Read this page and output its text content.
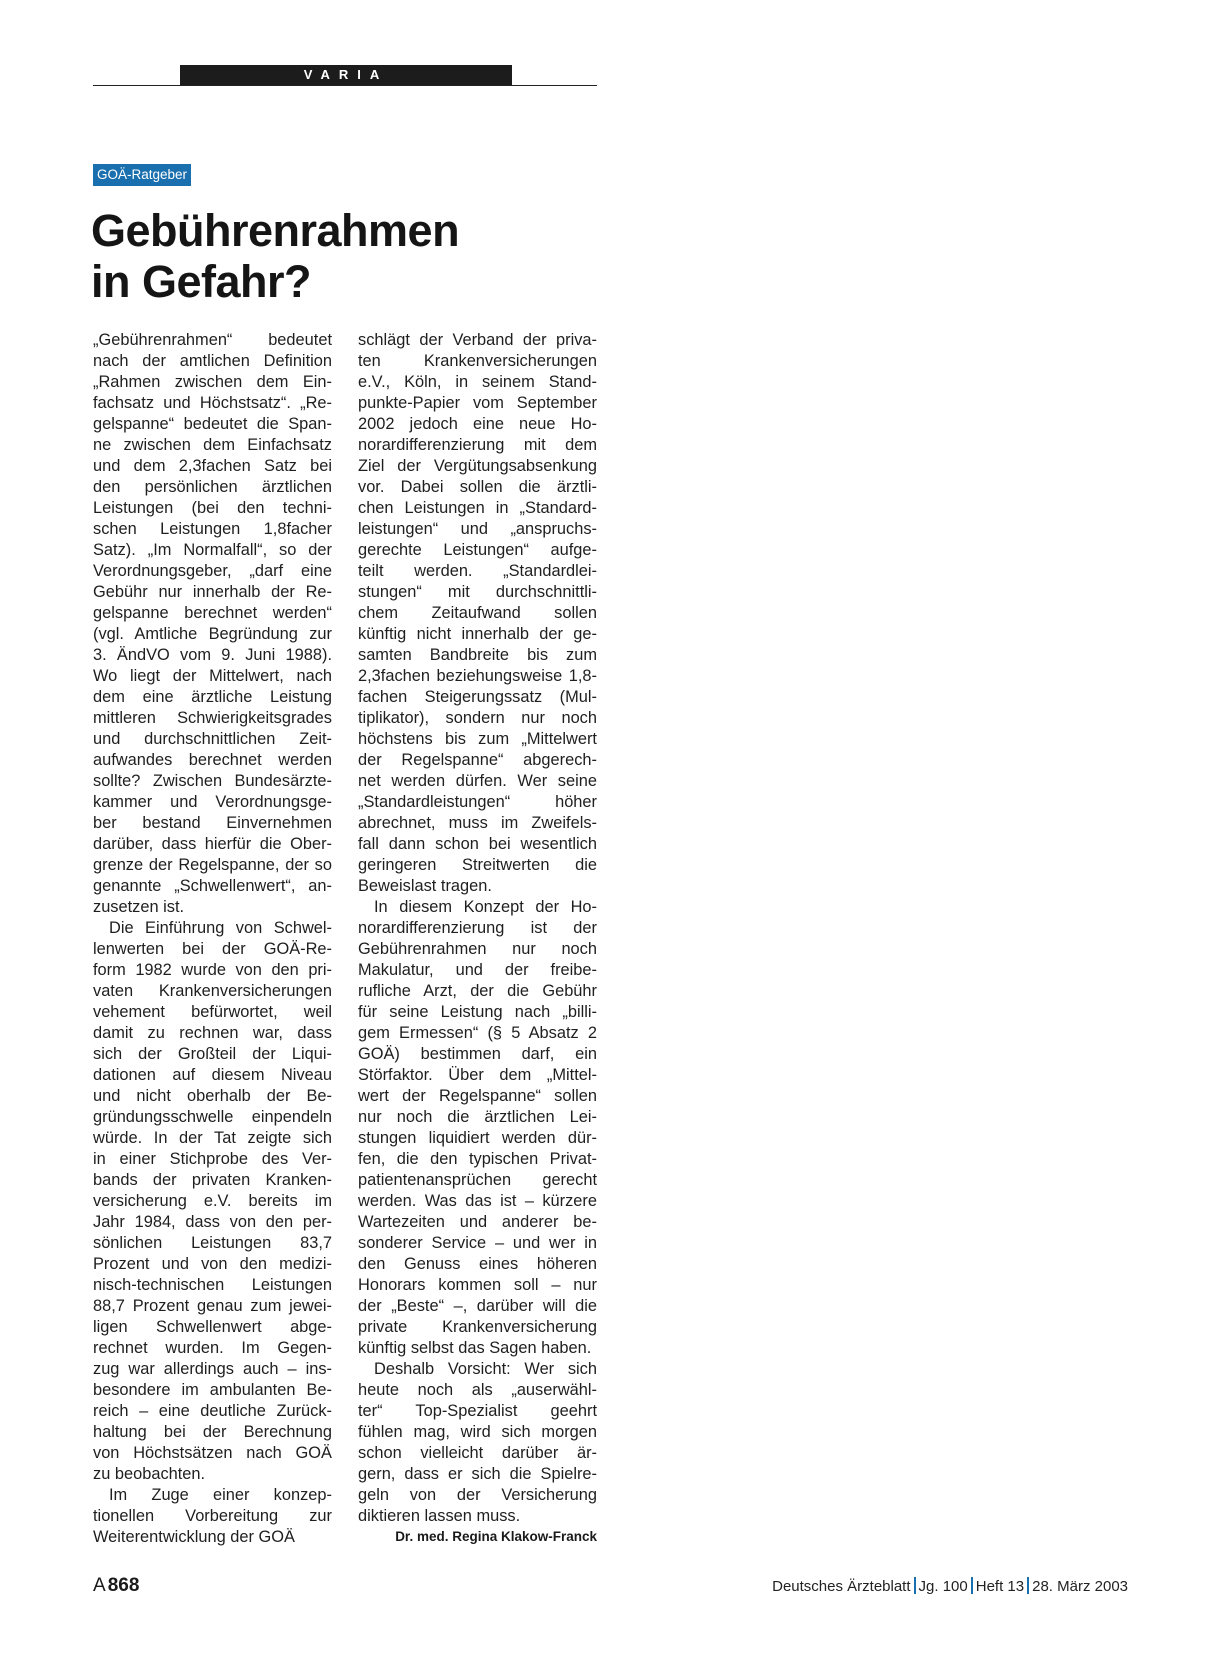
VARIA
GOÄ-Ratgeber
Gebührenrahmen
in Gefahr?
„Gebührenrahmen“ bedeutet
nach der amtlichen Definition
„Rahmen zwischen dem Ein-
fachsatz und Höchstsatz“. „Re-
gelspanne“ bedeutet die Span-
ne zwischen dem Einfachsatz
und dem 2,3fachen Satz bei
den persönlichen ärztlichen
Leistungen (bei den techni-
schen Leistungen 1,8facher
Satz). „Im Normalfall“, so der
Verordnungsgeber, „darf eine
Gebühr nur innerhalb der Re-
gelspanne berechnet werden“
(vgl. Amtliche Begründung zur
3. ÄndVO vom 9. Juni 1988).
Wo liegt der Mittelwert, nach
dem eine ärztliche Leistung
mittleren Schwierigkeitsgrades
und durchschnittlichen Zeit-
aufwandes berechnet werden
sollte? Zwischen Bundesärzte-
kammer und Verordnungsge-
ber bestand Einvernehmen
darüber, dass hierfür die Ober-
grenze der Regelspanne, der so
genannte „Schwellenwert“, an-
zusetzen ist.
Die Einführung von Schwel-
lenwerten bei der GOÄ-Re-
form 1982 wurde von den pri-
vaten Krankenversicherungen
vehement befürwortet, weil
damit zu rechnen war, dass
sich der Großteil der Liqui-
dationen auf diesem Niveau
und nicht oberhalb der Be-
gründungsschwelle einpendeln
würde. In der Tat zeigte sich
in einer Stichprobe des Ver-
bands der privaten Kranken-
versicherung e.V. bereits im
Jahr 1984, dass von den per-
sönlichen Leistungen 83,7
Prozent und von den medizi-
nisch-technischen Leistungen
88,7 Prozent genau zum jewei-
ligen Schwellenwert abge-
rechnet wurden. Im Gegen-
zug war allerdings auch – ins-
besondere im ambulanten Be-
reich – eine deutliche Zurück-
haltung bei der Berechnung
von Höchstsätzen nach GOÄ
zu beobachten.
Im Zuge einer konzep-
tionellen Vorbereitung zur
Weiterentwicklung der GOÄ
schlägt der Verband der priva-
ten Krankenversicherungen
e.V., Köln, in seinem Stand-
punkte-Papier vom September
2002 jedoch eine neue Ho-
norardifferenzierung mit dem
Ziel der Vergütungsabsenkung
vor. Dabei sollen die ärztli-
chen Leistungen in „Standard-
leistungen“ und „anspruchs-
gerechte Leistungen“ aufge-
teilt werden. „Standardlei-
stungen“ mit durchschnittli-
chem Zeitaufwand sollen
künftig nicht innerhalb der ge-
samten Bandbreite bis zum
2,3fachen beziehungsweise 1,8-
fachen Steigerungssatz (Mul-
tiplikator), sondern nur noch
höchstens bis zum „Mittelwert
der Regelspanne“ abgerech-
net werden dürfen. Wer seine
„Standardleistungen“ höher
abrechnet, muss im Zweifels-
fall dann schon bei wesentlich
geringeren Streitwerten die
Beweislast tragen.
In diesem Konzept der Ho-
norardifferenzierung ist der
Gebührenrahmen nur noch
Makulatur, und der freibe-
rufliche Arzt, der die Gebühr
für seine Leistung nach „billi-
gem Ermessen“ (§ 5 Absatz 2
GOÄ) bestimmen darf, ein
Störfaktor. Über dem „Mittel-
wert der Regelspanne“ sollen
nur noch die ärztlichen Lei-
stungen liquidiert werden dür-
fen, die den typischen Privat-
patientenansprüchen gerecht
werden. Was das ist – kürzere
Wartezeiten und anderer be-
sonderer Service – und wer in
den Genuss eines höheren
Honorars kommen soll – nur
der „Beste“ –, darüber will die
private Krankenversicherung
künftig selbst das Sagen haben.
Deshalb Vorsicht: Wer sich
heute noch als „auserwähl-
ter“ Top-Spezialist geehrt
fühlen mag, wird sich morgen
schon vielleicht darüber är-
gern, dass er sich die Spielre-
geln von der Versicherung
diktieren lassen muss.
Dr. med. Regina Klakow-Franck
A 868	Deutsches Ärzteblatt Jg. 100 Heft 13 28. März 2003
